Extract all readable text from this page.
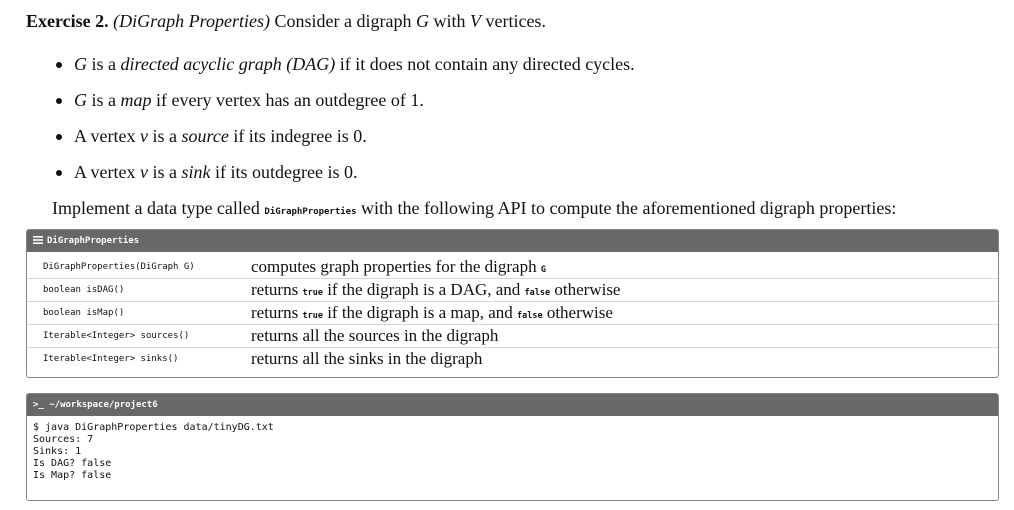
Exercise 2. (DiGraph Properties) Consider a digraph G with V vertices.
G is a directed acyclic graph (DAG) if it does not contain any directed cycles.
G is a map if every vertex has an outdegree of 1.
A vertex v is a source if its indegree is 0.
A vertex v is a sink if its outdegree is 0.
Implement a data type called DiGraphProperties with the following API to compute the aforementioned digraph properties:
DiGraphProperties
DiGraphProperties(DiGraph G)	computes graph properties for the digraph G
boolean isDAG()	returns true if the digraph is a DAG, and false otherwise
boolean isMap()	returns true if the digraph is a map, and false otherwise
Iterable<Integer> sources()	returns all the sources in the digraph
Iterable<Integer> sinks()	returns all the sinks in the digraph
>_ ~/workspace/project6
$ java DiGraphProperties data/tinyDG.txt
Sources: 7
Sinks: 1
Is DAG? false
Is Map? false
